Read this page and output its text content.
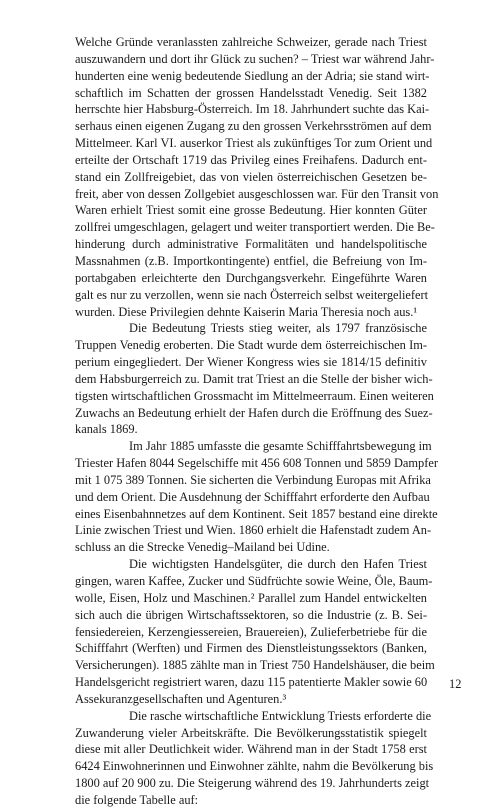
Welche Gründe veranlassten zahlreiche Schweizer, gerade nach Triest
auszuwandern und dort ihr Glück zu suchen? – Triest war während Jahr-
hunderten eine wenig bedeutende Siedlung an der Adria; sie stand wirt-
schaftlich im Schatten der grossen Handelsstadt Venedig. Seit 1382
herrschte hier Habsburg-Österreich. Im 18. Jahrhundert suchte das Kai-
serhaus einen eigenen Zugang zu den grossen Verkehrsströmen auf dem
Mittelmeer. Karl VI. auserkor Triest als zukünftiges Tor zum Orient und
erteilte der Ortschaft 1719 das Privileg eines Freihafens. Dadurch ent-
stand ein Zollfreigebiet, das von vielen österreichischen Gesetzen be-
freit, aber von dessen Zollgebiet ausgeschlossen war. Für den Transit von
Waren erhielt Triest somit eine grosse Bedeutung. Hier konnten Güter
zollfrei umgeschlagen, gelagert und weiter transportiert werden. Die Be-
hinderung durch administrative Formalitäten und handelspolitische
Massnahmen (z.B. Importkontingente) entfiel, die Befreiung von Im-
portabgaben erleichterte den Durchgangsverkehr. Eingeführte Waren
galt es nur zu verzollen, wenn sie nach Österreich selbst weitergeliefert
wurden. Diese Privilegien dehnte Kaiserin Maria Theresia noch aus.¹
Die Bedeutung Triests stieg weiter, als 1797 französische
Truppen Venedig eroberten. Die Stadt wurde dem österreichischen Im-
perium eingegliedert. Der Wiener Kongress wies sie 1814/15 definitiv
dem Habsburgerreich zu. Damit trat Triest an die Stelle der bisher wich-
tigsten wirtschaftlichen Grossmacht im Mittelmeerraum. Einen weiteren
Zuwachs an Bedeutung erhielt der Hafen durch die Eröffnung des Suez-
kanals 1869.
Im Jahr 1885 umfasste die gesamte Schifffahrtsbewegung im
Triester Hafen 8044 Segelschiffe mit 456 608 Tonnen und 5859 Dampfer
mit 1 075 389 Tonnen. Sie sicherten die Verbindung Europas mit Afrika
und dem Orient. Die Ausdehnung der Schifffahrt erforderte den Aufbau
eines Eisenbahnnetzes auf dem Kontinent. Seit 1857 bestand eine direkte
Linie zwischen Triest und Wien. 1860 erhielt die Hafenstadt zudem An-
schluss an die Strecke Venedig–Mailand bei Udine.
Die wichtigsten Handelsgüter, die durch den Hafen Triest
gingen, waren Kaffee, Zucker und Südfrüchte sowie Weine, Öle, Baum-
wolle, Eisen, Holz und Maschinen.² Parallel zum Handel entwickelten
sich auch die übrigen Wirtschaftssektoren, so die Industrie (z. B. Sei-
fensiedereien, Kerzengiessereien, Brauereien), Zulieferbetriebe für die
Schifffahrt (Werften) und Firmen des Dienstleistungssektors (Banken,
Versicherungen). 1885 zählte man in Triest 750 Handelshäuser, die beim
Handelsgericht registriert waren, dazu 115 patentierte Makler sowie 60
Assekuranzgesellschaften und Agenturen.³
Die rasche wirtschaftliche Entwicklung Triests erforderte die
Zuwanderung vieler Arbeitskräfte. Die Bevölkerungsstatistik spiegelt
diese mit aller Deutlichkeit wider. Während man in der Stadt 1758 erst
6424 Einwohnerinnen und Einwohner zählte, nahm die Bevölkerung bis
1800 auf 20 900 zu. Die Steigerung während des 19. Jahrhunderts zeigt
die folgende Tabelle auf:
12
